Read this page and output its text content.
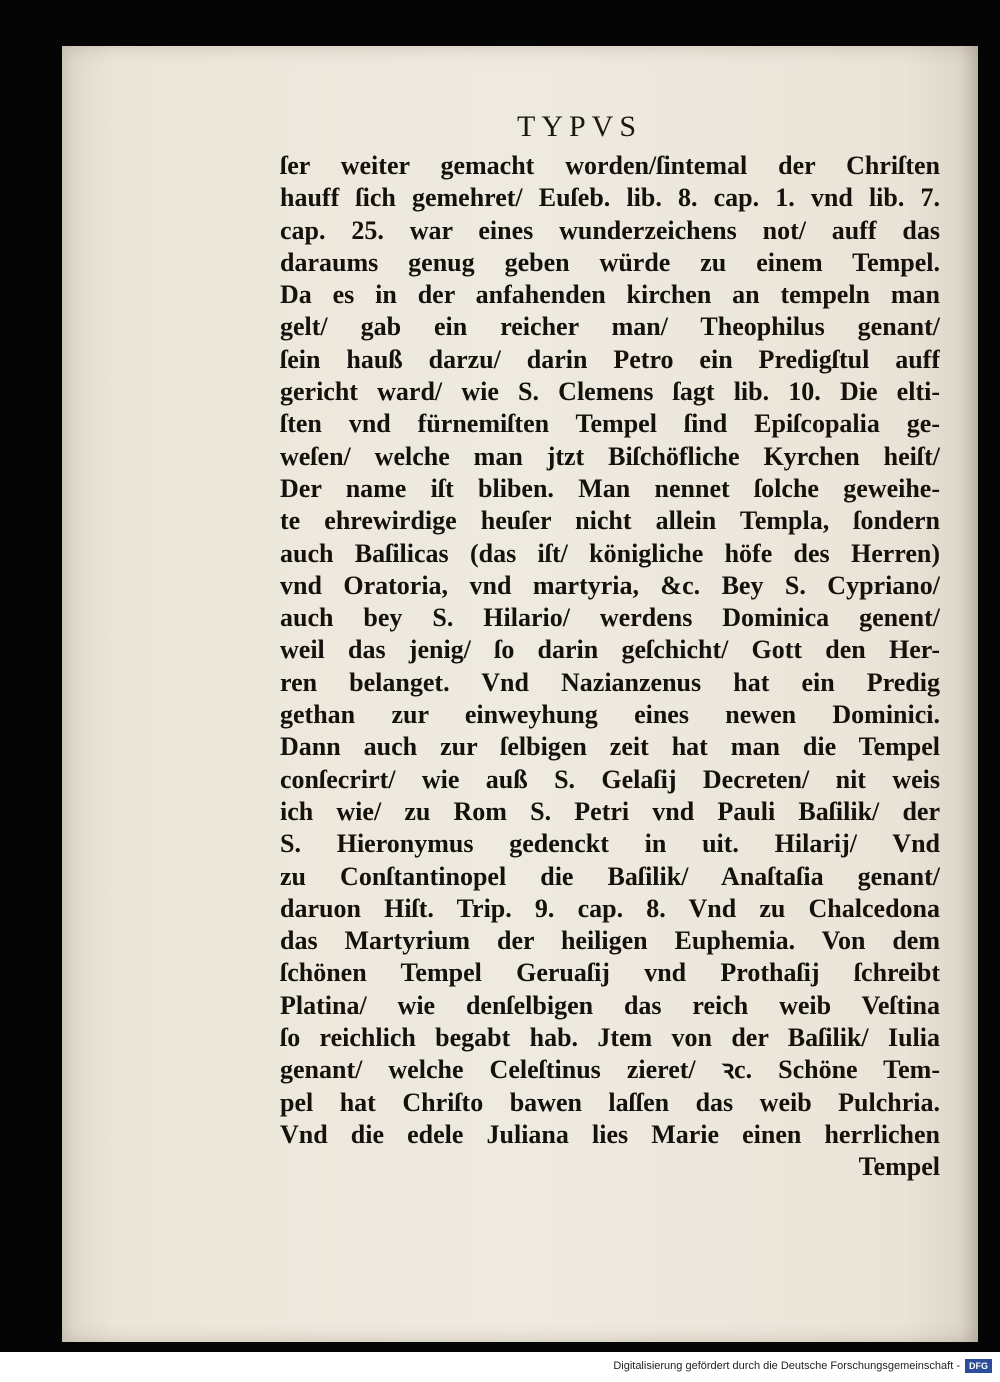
TYPVS
ſer weiter gemacht worden/ſintemal der Chriſten
hauff ſich gemehret/ Euſeb. lib. 8. cap. 1. vnd lib. 7.
cap. 25. war eines wunderzeichens not/ auff das
daraums genug geben würde zu einem Tempel.
Da es in der anfahenden kirchen an tempeln man
gelt/ gab ein reicher man/ Theophilus genant/
ſein hauß darzu/ darin Petro ein Predigſtul auff
gericht ward/ wie S. Clemens ſagt lib. 10. Die elti-
ſten vnd fürnemiſten Tempel ſind Epiſcopalia ge-
weſen/ welche man jtzt Biſchöfliche Kyrchen heiſt/
Der name iſt bliben. Man nennet ſolche geweihe-
te ehrewirdige heuſer nicht allein Templa, ſondern
auch Baſilicas (das iſt/ königliche höfe des Herren)
vnd Oratoria, vnd martyria, &c. Bey S. Cypriano/
auch bey S. Hilario/ werdens Dominica genent/
weil das jenig/ ſo darin geſchicht/ Gott den Her-
ren belanget. Vnd Nazianzenus hat ein Predig
gethan zur einweyhung eines newen Dominici.
Dann auch zur ſelbigen zeit hat man die Tempel
conſecrirt/ wie auß S. Gelaſij Decreten/ nit weis
ich wie/ zu Rom S. Petri vnd Pauli Baſilik/ der
S. Hieronymus gedenckt in uit. Hilarij/ Vnd
zu Conſtantinopel die Baſilik/ Anaſtaſia genant/
daruon Hiſt. Trip. 9. cap. 8. Vnd zu Chalcedona
das Martyrium der heiligen Euphemia. Von dem
ſchönen Tempel Geruaſij vnd Prothaſij ſchreibt
Platina/ wie denſelbigen das reich weib Veſtina
ſo reichlich begabt hab. Jtem von der Baſilik/ Iulia
genant/ welche Celeſtinus zieret/ ꝛc. Schöne Tem-
pel hat Chriſto bawen laſſen das weib Pulchria.
Vnd die edele Juliana lies Marie einen herrlichen
Tempel
Digitalisierung gefördert durch die Deutsche Forschungsgemeinschaft -	DFG
